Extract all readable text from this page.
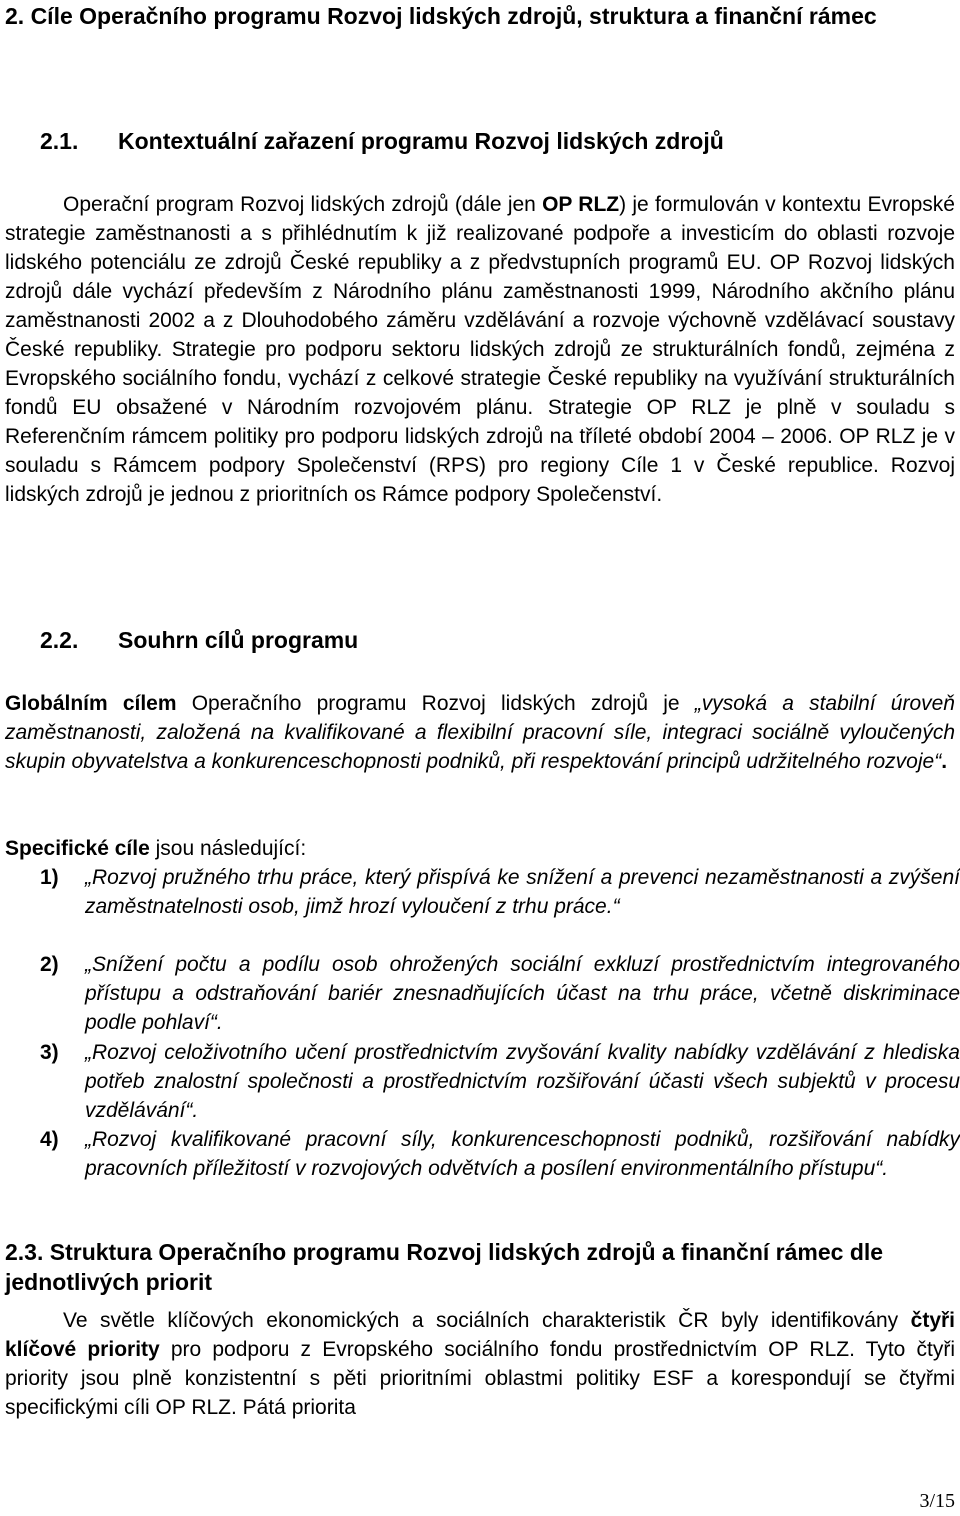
2. Cíle Operačního programu Rozvoj lidských zdrojů, struktura a finanční rámec
2.1. Kontextuální zařazení programu Rozvoj lidských zdrojů

Operační program Rozvoj lidských zdrojů (dále jen OP RLZ) je formulován v kontextu Evropské strategie zaměstnanosti a s přihlédnutím k již realizované podpoře a investicím do oblasti rozvoje lidského potenciálu ze zdrojů České republiky a z předvstupních programů EU. OP Rozvoj lidských zdrojů dále vychází především z Národního plánu zaměstnanosti 1999, Národního akčního plánu zaměstnanosti 2002 a z Dlouhodobého záměru vzdělávání a rozvoje výchovně vzdělávací soustavy České republiky. Strategie pro podporu sektoru lidských zdrojů ze strukturálních fondů, zejména z Evropského sociálního fondu, vychází z celkové strategie České republiky na využívání strukturálních fondů EU obsažené v Národním rozvojovém plánu. Strategie OP RLZ je plně v souladu s Referenčním rámcem politiky pro podporu lidských zdrojů na tříleté období 2004 – 2006. OP RLZ je v souladu s Rámcem podpory Společenství (RPS) pro regiony Cíle 1 v České republice. Rozvoj lidských zdrojů je jednou z prioritních os Rámce podpory Společenství.

2.2. Souhrn cílů programu

Globálním cílem Operačního programu Rozvoj lidských zdrojů je „vysoká a stabilní úroveň zaměstnanosti, založená na kvalifikované a flexibilní pracovní síle, integraci sociálně vyloučených skupin obyvatelstva a konkurenceschopnosti podniků, při respektování principů udržitelného rozvoje“.

Specifické cíle jsou následující:
1) „Rozvoj pružného trhu práce, který přispívá ke snížení a prevenci nezaměstnanosti a zvýšení zaměstnatelnosti osob, jimž hrozí vyloučení z trhu práce.“
2) „Snížení počtu a podílu osob ohrožených sociální exkluzí prostřednictvím integrovaného přístupu a odstraňování bariér znesnadňujících účast na trhu práce, včetně diskriminace podle pohlaví“.
3) „Rozvoj celoživotního učení prostřednictvím zvyšování kvality nabídky vzdělávání z hlediska potřeb znalostní společnosti a prostřednictvím rozšiřování účasti všech subjektů v procesu vzdělávání“.
4) „Rozvoj kvalifikované pracovní síly, konkurenceschopnosti podniků, rozšiřování nabídky pracovních příležitostí v rozvojových odvětvích a posílení environmentálního přístupu“.
2.3. Struktura Operačního programu Rozvoj lidských zdrojů a finanční rámec dle jednotlivých priorit

Ve světle klíčových ekonomických a sociálních charakteristik ČR byly identifikovány čtyři klíčové priority pro podporu z Evropského sociálního fondu prostřednictvím OP RLZ. Tyto čtyři priority jsou plně konzistentní s pěti prioritními oblastmi politiky ESF a korespondují se čtyřmi specifickými cíli OP RLZ. Pátá priorita

3/15
